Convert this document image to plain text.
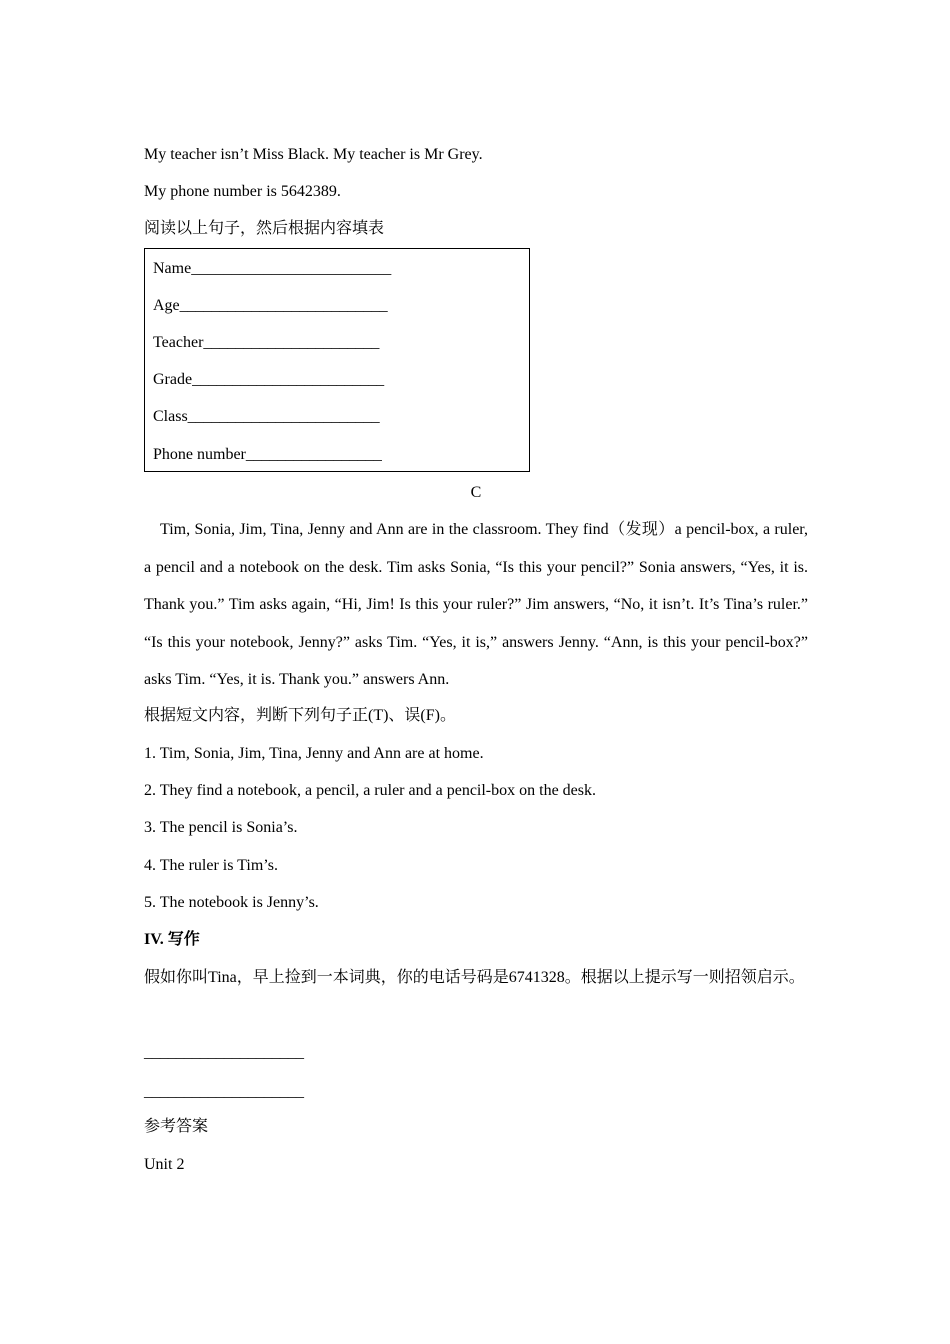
My teacher isn’t Miss Black. My teacher is Mr Grey.
My phone number is 5642389.
阅读以上句子，然后根据内容填表
Name_________________________
Age__________________________
Teacher______________________
Grade________________________
Class________________________
Phone number_________________
C
Tim, Sonia, Jim, Tina, Jenny and Ann are in the classroom. They find（发现）a pencil-box, a ruler, a pencil and a notebook on the desk. Tim asks Sonia, “Is this your pencil?” Sonia answers, “Yes, it is. Thank you.” Tim asks again, “Hi, Jim! Is this your ruler?” Jim answers, “No, it isn’t. It’s Tina’s ruler.” “Is this your notebook, Jenny?” asks Tim. “Yes, it is,” answers Jenny. “Ann, is this your pencil-box?” asks Tim. “Yes, it is. Thank you.” answers Ann.
根据短文内容，判断下列句子正(T)、误(F)。
1. Tim, Sonia, Jim, Tina, Jenny and Ann are at home.
2. They find a notebook, a pencil, a ruler and a pencil-box on the desk.
3. The pencil is Sonia’s.
4. The ruler is Tim’s.
5. The notebook is Jenny’s.
IV. 写作
假如你叫Tina，早上捡到一本词典，你的电话号码是6741328。根据以上提示写一则招领启示。
____________________
____________________
参考答案
Unit 2
